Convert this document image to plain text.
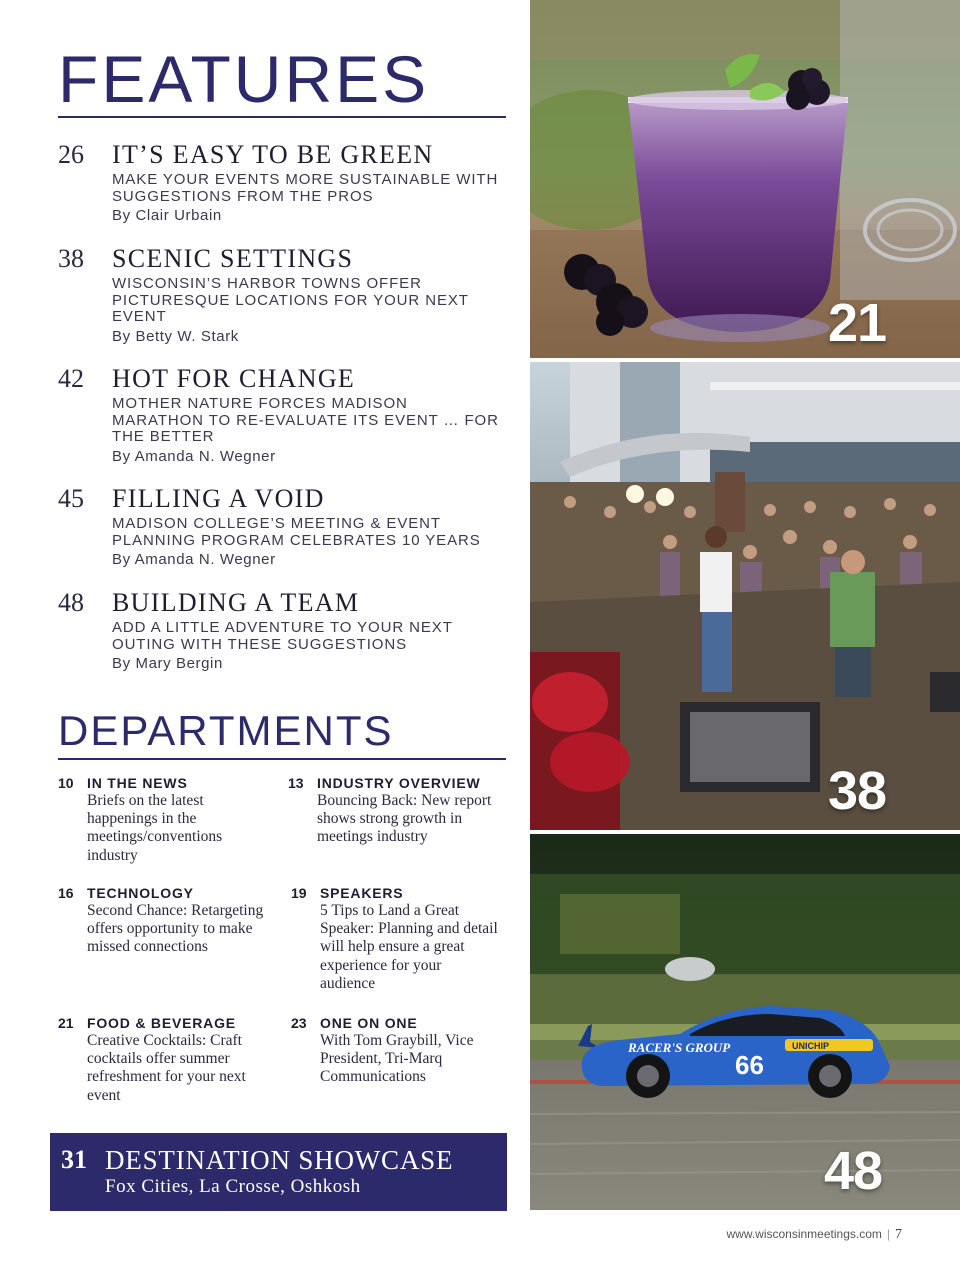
FEATURES
26 IT’S EASY TO BE GREEN
MAKE YOUR EVENTS MORE SUSTAINABLE WITH SUGGESTIONS FROM THE PROS
By Clair Urbain
38 SCENIC SETTINGS
WISCONSIN’S HARBOR TOWNS OFFER PICTURESQUE LOCATIONS FOR YOUR NEXT EVENT
By Betty W. Stark
42 HOT FOR CHANGE
MOTHER NATURE FORCES MADISON MARATHON TO RE-EVALUATE ITS EVENT … FOR THE BETTER
By Amanda N. Wegner
45 FILLING A VOID
MADISON COLLEGE’S MEETING & EVENT PLANNING PROGRAM CELEBRATES 10 YEARS
By Amanda N. Wegner
48 BUILDING A TEAM
ADD A LITTLE ADVENTURE TO YOUR NEXT OUTING WITH THESE SUGGESTIONS
By Mary Bergin
DEPARTMENTS
10 IN THE NEWS
Briefs on the latest happenings in the meetings/conventions industry
13 INDUSTRY OVERVIEW
Bouncing Back: New report shows strong growth in meetings industry
16 TECHNOLOGY
Second Chance: Retargeting offers opportunity to make missed connections
19 SPEAKERS
5 Tips to Land a Great Speaker: Planning and detail will help ensure a great experience for your audience
21 FOOD & BEVERAGE
Creative Cocktails: Craft cocktails offer summer refreshment for your next event
23 ONE ON ONE
With Tom Graybill, Vice President, Tri-Marq Communications
31 DESTINATION SHOWCASE
Fox Cities, La Crosse, Oshkosh
21
38
66
RACER'S GROUP	UNICHIP
48
www.wisconsinmeetings.com | 7
